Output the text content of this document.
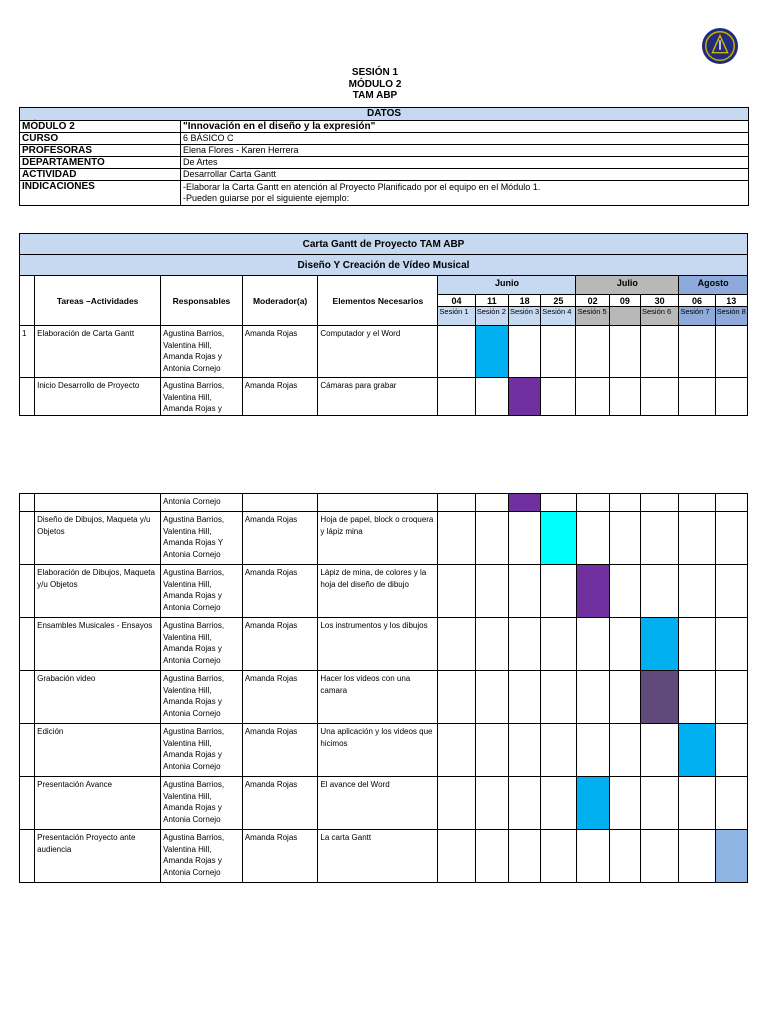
SESIÓN 1
MÓDULO 2
TAM ABP
DATOS	
MÓDULO 2	"Innovación en el diseño y la expresión"
CURSO	6 BÁSICO C
PROFESORAS	Elena Flores - Karen Herrera
DEPARTAMENTO	De Artes
ACTIVIDAD	Desarrollar Carta Gantt
INDICACIONES	-Elaborar la Carta Gantt en atención al Proyecto Planificado por el equipo en el Módulo 1.
-Pueden guiarse por el siguiente ejemplo:
Carta Gantt de Proyecto TAM ABP													
Diseño Y Creación de Vídeo Musical													
	Tareas –Actividades	Responsables	Moderador(a)	Elementos Necesarios	Junio				Julio			Agosto	
					04	11	18	25	02	09	30	06	13
					Sesión 1	Sesión 2	Sesión 3	Sesión 4	Sesión 5		Sesión 6	Sesión 7	Sesión 8
1	Elaboración de Carta Gantt	Agustina Barrios, Valentina Hill, Amanda Rojas y Antonia Cornejo	Amanda Rojas	Computador y el Word									
	Inicio Desarrollo de Proyecto	Agustina Barrios, Valentina Hill, Amanda Rojas y	Amanda Rojas	Cámaras para grabar									
		Antonia Cornejo											
	Diseño de Dibujos, Maqueta y/u Objetos	Agustina Barrios, Valentina Hill, Amanda Rojas Y Antonia Cornejo	Amanda Rojas	Hoja de papel, block o croquera y lápiz mina									
	Elaboración de Dibujos, Maqueta y/u Objetos	Agustina Barrios, Valentina Hill, Amanda Rojas y Antonia Cornejo	Amanda Rojas	Lápiz de mina, de colores y la hoja del diseño de dibujo									
	Ensambles Musicales - Ensayos	Agustina Barrios, Valentina Hill, Amanda Rojas y Antonia Cornejo	Amanda Rojas	Los instrumentos y los dibujos									
	Grabación video	Agustina Barrios, Valentina Hill, Amanda Rojas y Antonia Cornejo	Amanda Rojas	Hacer los videos con una camara									
	Edición	Agustina Barrios, Valentina Hill, Amanda Rojas y Antonia Cornejo	Amanda Rojas	Una aplicación y los videos que hicimos									
	Presentación Avance	Agustina Barrios, Valentina Hill, Amanda Rojas y Antonia Cornejo	Amanda Rojas	El avance del Word									
	Presentación Proyecto ante audiencia	Agustina Barrios, Valentina Hill, Amanda Rojas y Antonia Cornejo	Amanda Rojas	La carta Gantt									
